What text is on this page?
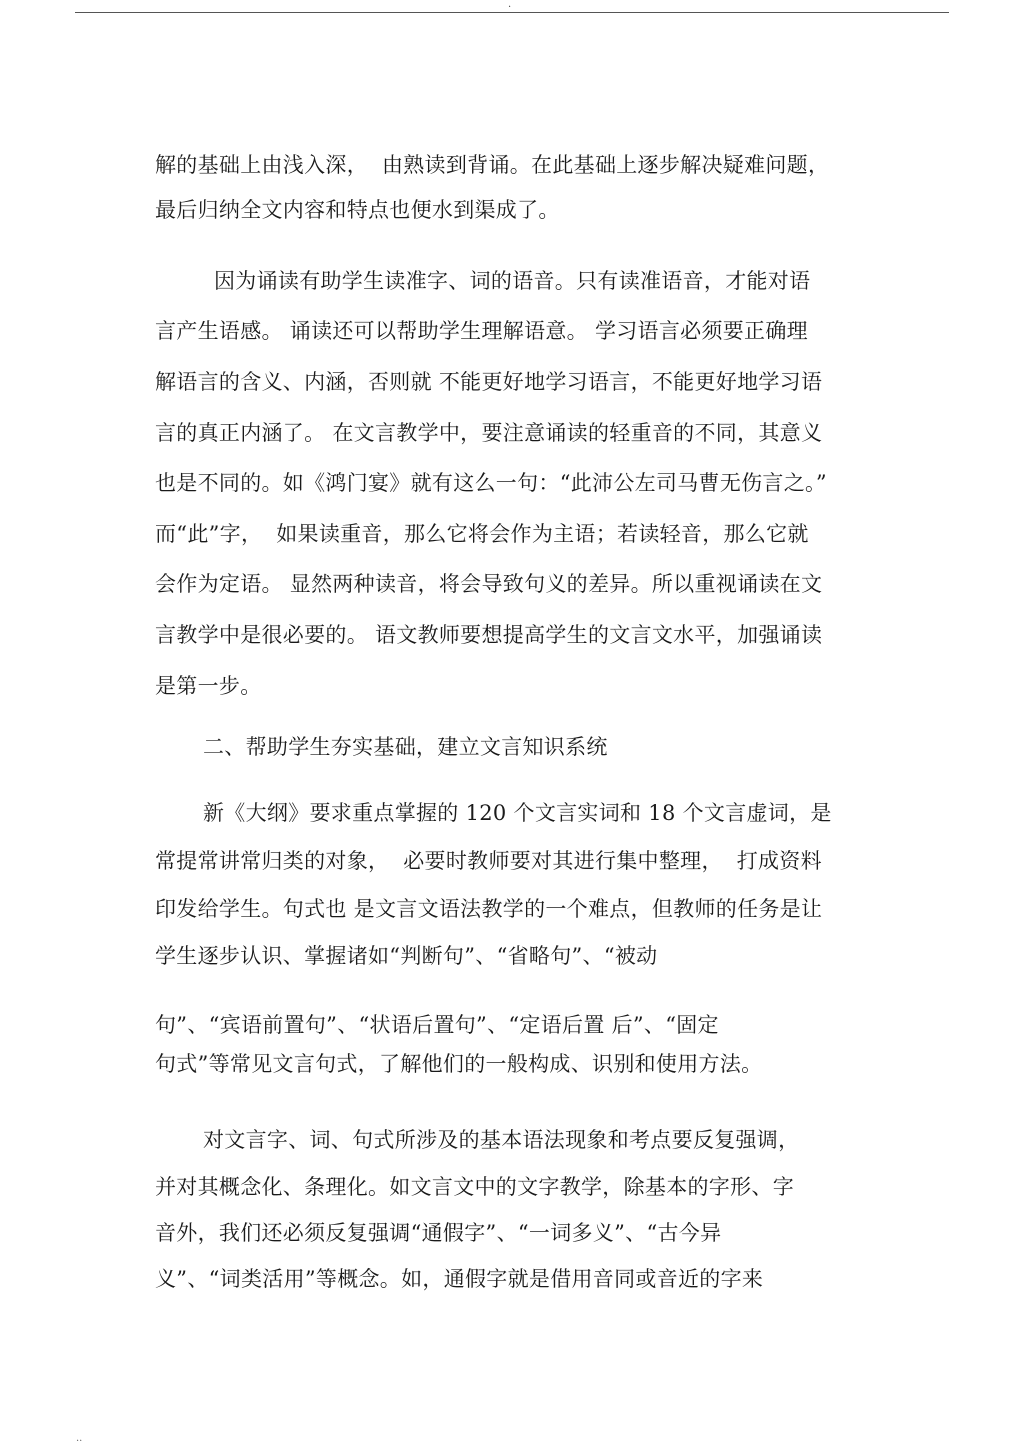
.
解的基础上由浅入深，  由熟读到背诵。在此基础上逐步解决疑难问题，
最后归纳全文内容和特点也便水到渠成了。
因为诵读有助学生读准字、词的语音。只有读准语音，才能对语
言产生语感。 诵读还可以帮助学生理解语意。 学习语言必须要正确理
解语言的含义、内涵，否则就 不能更好地学习语言，不能更好地学习语
言的真正内涵了。 在文言教学中，要注意诵读的轻重音的不同，其意义
也是不同的。如《鸿门宴》就有这么一句：“此沛公左司马曹无伤言之。”
而“此”字，  如果读重音，那么它将会作为主语；若读轻音，那么它就
会作为定语。 显然两种读音，将会导致句义的差异。所以重视诵读在文
言教学中是很必要的。 语文教师要想提高学生的文言文水平，加强诵读
是第一步。
二、帮助学生夯实基础，建立文言知识系统
新《大纲》要求重点掌握的 120 个文言实词和 18 个文言虚词，是
常提常讲常归类的对象，  必要时教师要对其进行集中整理，  打成资料
印发给学生。句式也 是文言文语法教学的一个难点，但教师的任务是让
学生逐步认识、掌握诸如“判断句”、“省略句”、“被动
句”、“宾语前置句”、“状语后置句”、“定语后置 后”、“固定
句式”等常见文言句式，了解他们的一般构成、识别和使用方法。
对文言字、词、句式所涉及的基本语法现象和考点要反复强调，
并对其概念化、条理化。如文言文中的文字教学，除基本的字形、字
音外，我们还必须反复强调“通假字”、“一词多义”、“古今异
义”、“词类活用”等概念。如，通假字就是借用音同或音近的字来
..
